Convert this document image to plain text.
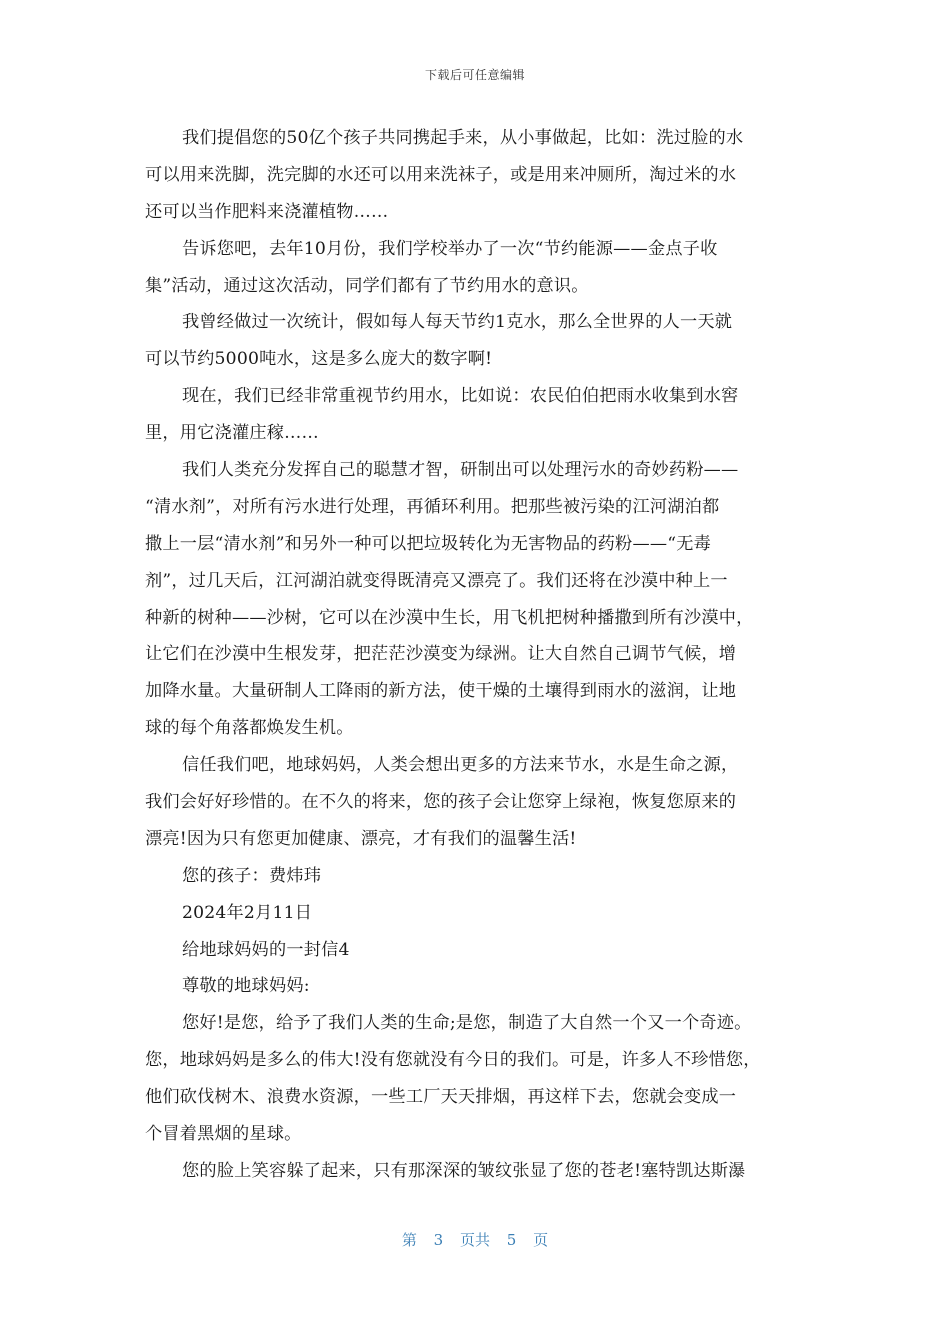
下载后可任意编辑
我们提倡您的50亿个孩子共同携起手来，从小事做起，比如：洗过脸的水
可以用来洗脚，洗完脚的水还可以用来洗袜子，或是用来冲厕所，淘过米的水
还可以当作肥料来浇灌植物……
告诉您吧，去年10月份，我们学校举办了一次“节约能源——金点子收
集”活动，通过这次活动，同学们都有了节约用水的意识。
我曾经做过一次统计，假如每人每天节约1克水，那么全世界的人一天就
可以节约5000吨水，这是多么庞大的数字啊!
现在，我们已经非常重视节约用水，比如说：农民伯伯把雨水收集到水窖
里，用它浇灌庄稼……
我们人类充分发挥自己的聪慧才智，研制出可以处理污水的奇妙药粉——
“清水剂”，对所有污水进行处理，再循环利用。把那些被污染的江河湖泊都
撒上一层“清水剂”和另外一种可以把垃圾转化为无害物品的药粉——“无毒
剂”，过几天后，江河湖泊就变得既清亮又漂亮了。我们还将在沙漠中种上一
种新的树种——沙树，它可以在沙漠中生长，用飞机把树种播撒到所有沙漠中，
让它们在沙漠中生根发芽，把茫茫沙漠变为绿洲。让大自然自己调节气候，增
加降水量。大量研制人工降雨的新方法，使干燥的土壤得到雨水的滋润，让地
球的每个角落都焕发生机。
信任我们吧，地球妈妈，人类会想出更多的方法来节水，水是生命之源，
我们会好好珍惜的。在不久的将来，您的孩子会让您穿上绿袍，恢复您原来的
漂亮!因为只有您更加健康、漂亮，才有我们的温馨生活!
您的孩子：费炜玮
2024年2月11日
给地球妈妈的一封信4
尊敬的地球妈妈:
您好!是您，给予了我们人类的生命;是您，制造了大自然一个又一个奇迹。
您，地球妈妈是多么的伟大!没有您就没有今日的我们。可是，许多人不珍惜您，
他们砍伐树木、浪费水资源，一些工厂天天排烟，再这样下去，您就会变成一
个冒着黑烟的星球。
您的脸上笑容躲了起来，只有那深深的皱纹张显了您的苍老!塞特凯达斯瀑
第 3 页共 5 页
